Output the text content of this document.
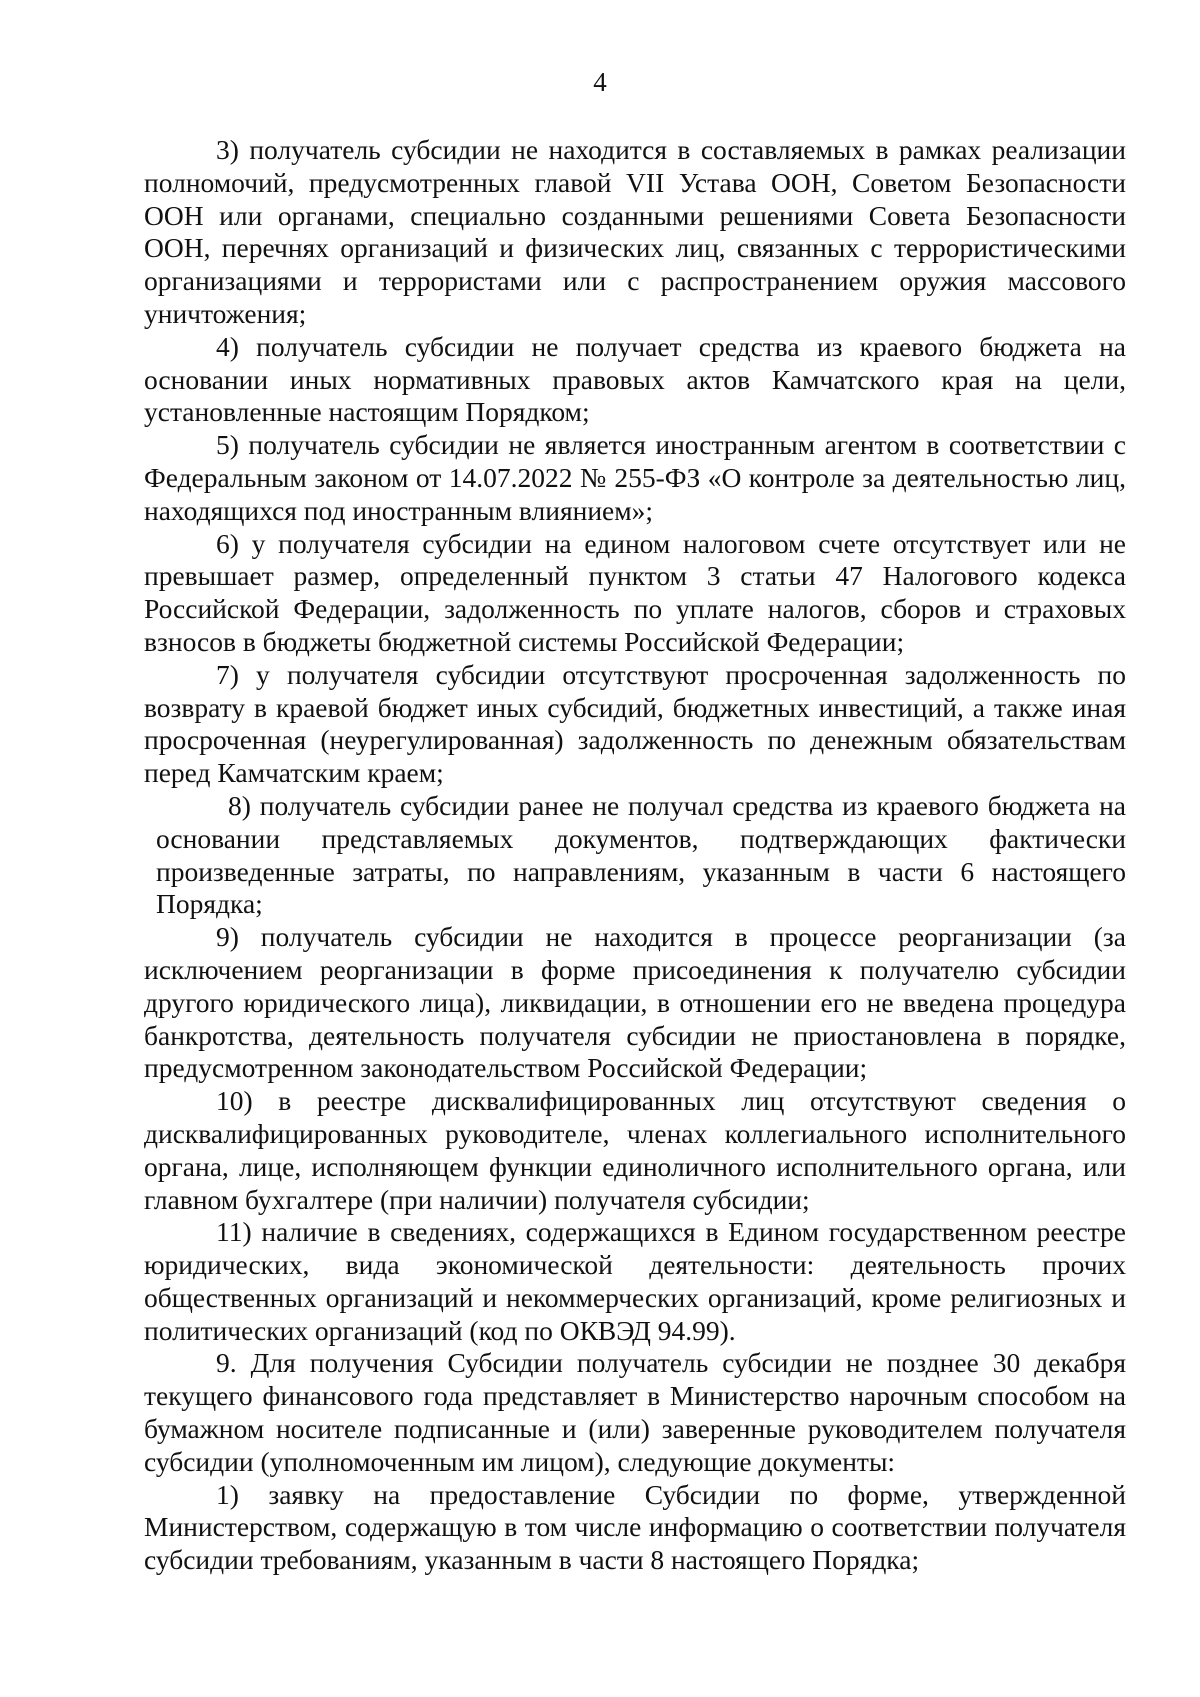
4

3) получатель субсидии не находится в составляемых в рамках реализации полномочий, предусмотренных главой VII Устава ООН, Советом Безопасности ООН или органами, специально созданными решениями Совета Безопасности ООН, перечнях организаций и физических лиц, связанных с террористическими организациями и террористами или с распространением оружия массового уничтожения;

4) получатель субсидии не получает средства из краевого бюджета на основании иных нормативных правовых актов Камчатского края на цели, установленные настоящим Порядком;

5) получатель субсидии не является иностранным агентом в соответствии с Федеральным законом от 14.07.2022 № 255-ФЗ «О контроле за деятельностью лиц, находящихся под иностранным влиянием»;

6) у получателя субсидии на едином налоговом счете отсутствует или не превышает размер, определенный пунктом 3 статьи 47 Налогового кодекса Российской Федерации, задолженность по уплате налогов, сборов и страховых взносов в бюджеты бюджетной системы Российской Федерации;

7) у получателя субсидии отсутствуют просроченная задолженность по возврату в краевой бюджет иных субсидий, бюджетных инвестиций, а также иная просроченная (неурегулированная) задолженность по денежным обязательствам перед Камчатским краем;

8) получатель субсидии ранее не получал средства из краевого бюджета на основании представляемых документов, подтверждающих фактически произведенные затраты, по направлениям, указанным в части 6 настоящего Порядка;

9) получатель субсидии не находится в процессе реорганизации (за исключением реорганизации в форме присоединения к получателю субсидии другого юридического лица), ликвидации, в отношении его не введена процедура банкротства, деятельность получателя субсидии не приостановлена в порядке, предусмотренном законодательством Российской Федерации;

10) в реестре дисквалифицированных лиц отсутствуют сведения о дисквалифицированных руководителе, членах коллегиального исполнительного органа, лице, исполняющем функции единоличного исполнительного органа, или главном бухгалтере (при наличии) получателя субсидии;

11) наличие в сведениях, содержащихся в Едином государственном реестре юридических, вида экономической деятельности: деятельность прочих общественных организаций и некоммерческих организаций, кроме религиозных и политических организаций (код по ОКВЭД 94.99).

9. Для получения Субсидии получатель субсидии не позднее 30 декабря текущего финансового года представляет в Министерство нарочным способом на бумажном носителе подписанные и (или) заверенные руководителем получателя субсидии (уполномоченным им лицом), следующие документы:

1) заявку на предоставление Субсидии по форме, утвержденной Министерством, содержащую в том числе информацию о соответствии получателя субсидии требованиям, указанным в части 8 настоящего Порядка;
